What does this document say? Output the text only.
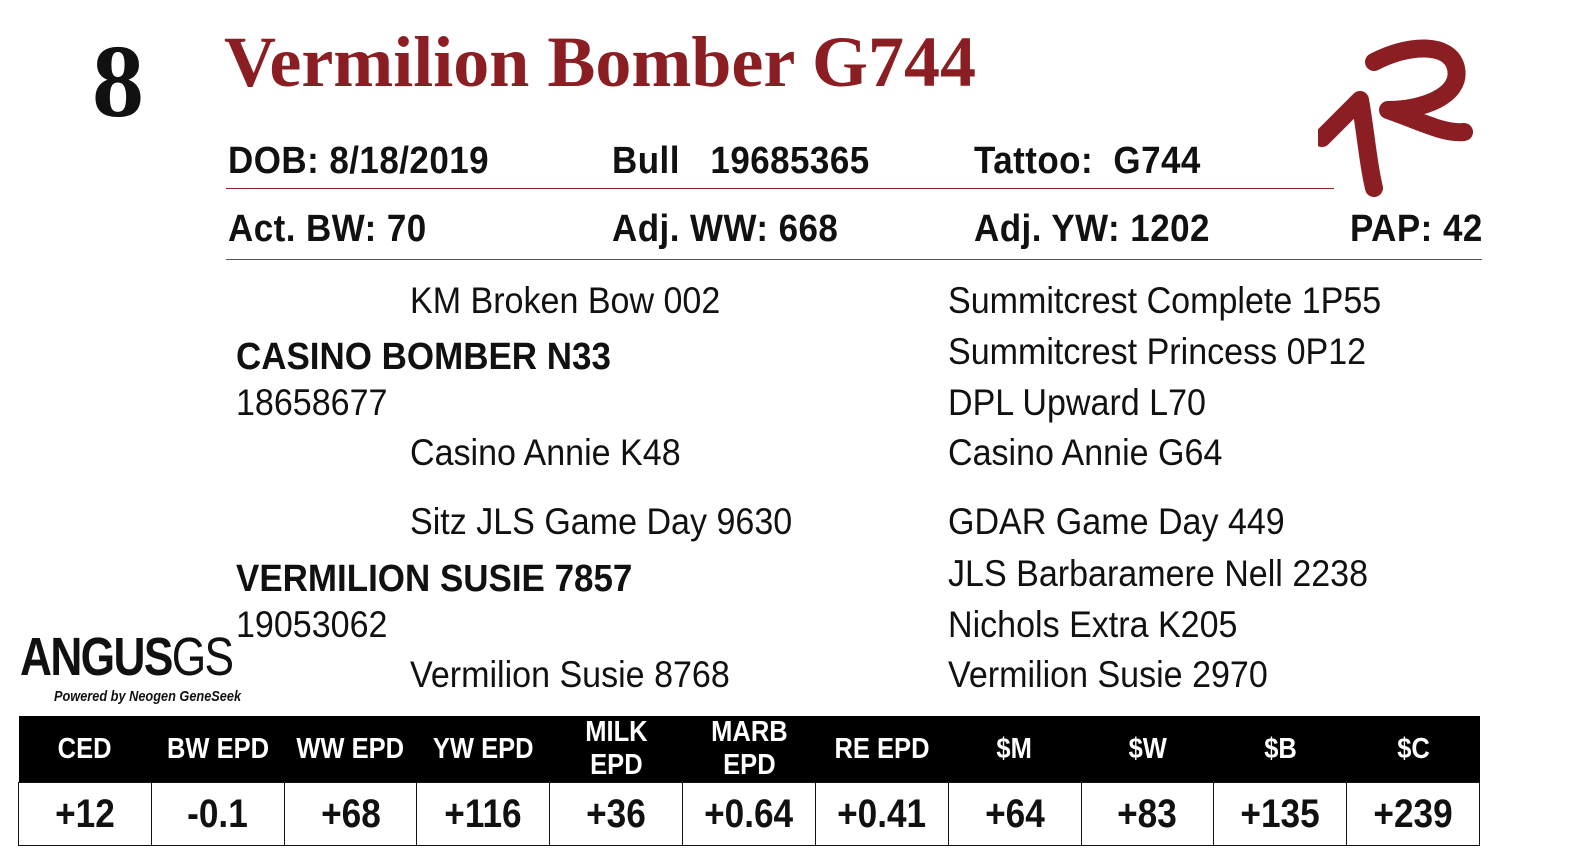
8 Vermilion Bomber G744
DOB: 8/18/2019	Bull 19685365	Tattoo: G744
Act. BW: 70	Adj. WW: 668	Adj. YW: 1202	PAP: 42
KM Broken Bow 002
CASINO BOMBER N33
18658677
Casino Annie K48
Sitz JLS Game Day 9630
VERMILION SUSIE 7857
19053062
Vermilion Susie 8768
Summitcrest Complete 1P55
Summitcrest Princess 0P12
DPL Upward L70
Casino Annie G64
GDAR Game Day 449
JLS Barbaramere Nell 2238
Nichols Extra K205
Vermilion Susie 2970
ANGUSGS
Powered by Neogen GeneSeek
CED	BW EPD	WW EPD	YW EPD	MILK EPD	MARB EPD	RE EPD	$M	$W	$B	$C
+12	-0.1	+68	+116	+36	+0.64	+0.41	+64	+83	+135	+239
